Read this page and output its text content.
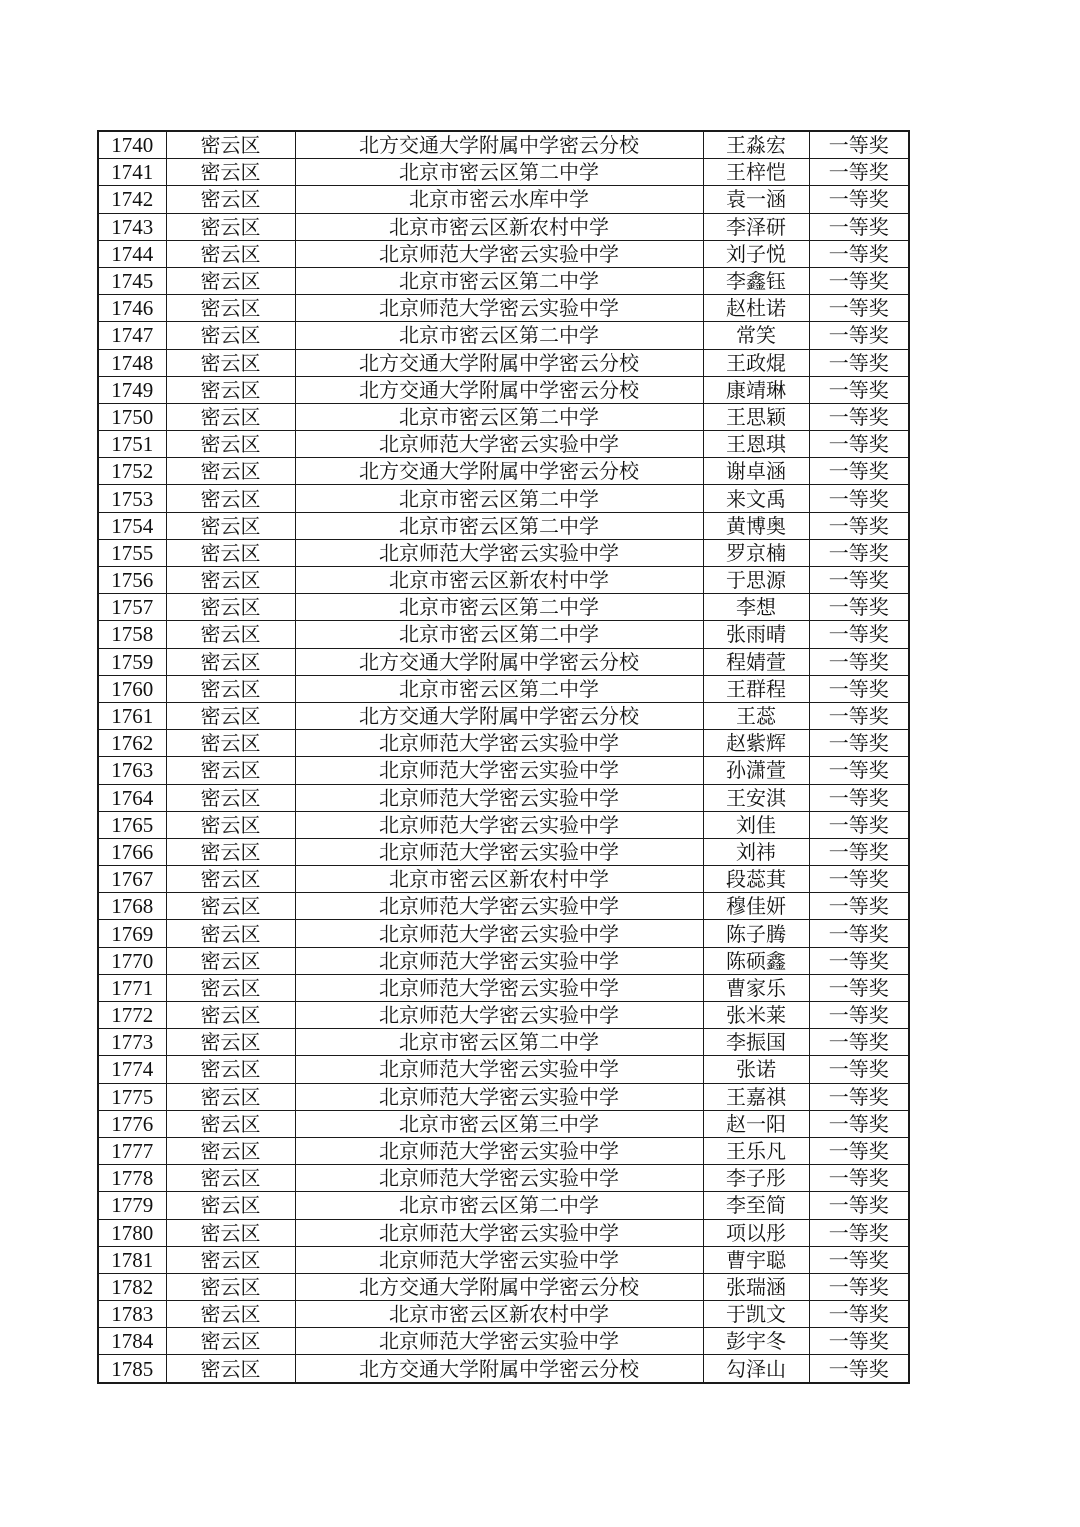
1740	密云区	北方交通大学附属中学密云分校	王淼宏	一等奖
1741	密云区	北京市密云区第二中学	王梓恺	一等奖
1742	密云区	北京市密云水库中学	袁一涵	一等奖
1743	密云区	北京市密云区新农村中学	李泽研	一等奖
1744	密云区	北京师范大学密云实验中学	刘子悦	一等奖
1745	密云区	北京市密云区第二中学	李鑫钰	一等奖
1746	密云区	北京师范大学密云实验中学	赵杜诺	一等奖
1747	密云区	北京市密云区第二中学	常笑	一等奖
1748	密云区	北方交通大学附属中学密云分校	王政焜	一等奖
1749	密云区	北方交通大学附属中学密云分校	康靖琳	一等奖
1750	密云区	北京市密云区第二中学	王思颖	一等奖
1751	密云区	北京师范大学密云实验中学	王恩琪	一等奖
1752	密云区	北方交通大学附属中学密云分校	谢卓涵	一等奖
1753	密云区	北京市密云区第二中学	来文禹	一等奖
1754	密云区	北京市密云区第二中学	黄博奥	一等奖
1755	密云区	北京师范大学密云实验中学	罗京楠	一等奖
1756	密云区	北京市密云区新农村中学	于思源	一等奖
1757	密云区	北京市密云区第二中学	李想	一等奖
1758	密云区	北京市密云区第二中学	张雨晴	一等奖
1759	密云区	北方交通大学附属中学密云分校	程婧萱	一等奖
1760	密云区	北京市密云区第二中学	王群程	一等奖
1761	密云区	北方交通大学附属中学密云分校	王蕊	一等奖
1762	密云区	北京师范大学密云实验中学	赵紫辉	一等奖
1763	密云区	北京师范大学密云实验中学	孙潇萱	一等奖
1764	密云区	北京师范大学密云实验中学	王安淇	一等奖
1765	密云区	北京师范大学密云实验中学	刘佳	一等奖
1766	密云区	北京师范大学密云实验中学	刘祎	一等奖
1767	密云区	北京市密云区新农村中学	段蕊萁	一等奖
1768	密云区	北京师范大学密云实验中学	穆佳妍	一等奖
1769	密云区	北京师范大学密云实验中学	陈子腾	一等奖
1770	密云区	北京师范大学密云实验中学	陈硕鑫	一等奖
1771	密云区	北京师范大学密云实验中学	曹家乐	一等奖
1772	密云区	北京师范大学密云实验中学	张米莱	一等奖
1773	密云区	北京市密云区第二中学	李振国	一等奖
1774	密云区	北京师范大学密云实验中学	张诺	一等奖
1775	密云区	北京师范大学密云实验中学	王嘉祺	一等奖
1776	密云区	北京市密云区第三中学	赵一阳	一等奖
1777	密云区	北京师范大学密云实验中学	王乐凡	一等奖
1778	密云区	北京师范大学密云实验中学	李子彤	一等奖
1779	密云区	北京市密云区第二中学	李至简	一等奖
1780	密云区	北京师范大学密云实验中学	项以彤	一等奖
1781	密云区	北京师范大学密云实验中学	曹宇聪	一等奖
1782	密云区	北方交通大学附属中学密云分校	张瑞涵	一等奖
1783	密云区	北京市密云区新农村中学	于凯文	一等奖
1784	密云区	北京师范大学密云实验中学	彭宇冬	一等奖
1785	密云区	北方交通大学附属中学密云分校	勾泽山	一等奖
